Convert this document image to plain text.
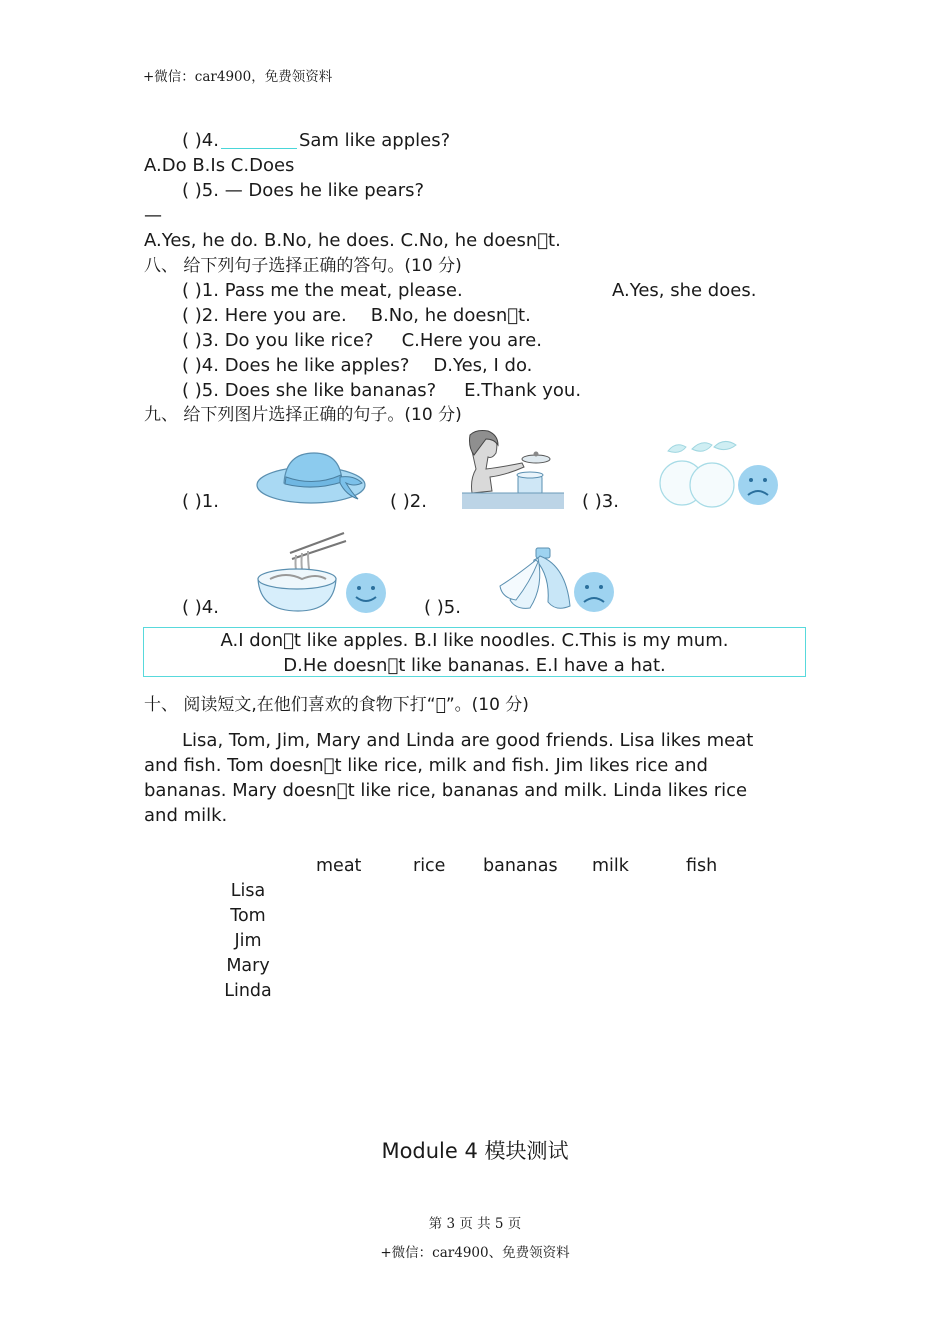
+微信：car4900，免费领资料
( )4.	Sam like apples?
A.Do B.Is C.Does
( )5. — Does he like pears?
—
A.Yes, he do. B.No, he does. C.No, he doesn t.
八、 给下列句子选择正确的答句。(10 分)
( )1. Pass me the meat, please.	A.Yes, she does.
( )2. Here you are. B.No, he doesn t.
( )3. Do you like rice? C.Here you are.
( )4. Does he like apples? D.Yes, I do.
( )5. Does she like bananas? E.Thank you.
九、 给下列图片选择正确的句子。(10 分)
( )1.	( )2.	( )3.
( )4.	( )5.
A.I don t like apples. B.I like noodles. C.This is my mum.
D.He doesn t like bananas. E.I have a hat.
十、 阅读短文,在他们喜欢的食物下打“ ”。(10 分)
Lisa, Tom, Jim, Mary and Linda are good friends. Lisa likes meat
and fish. Tom doesn t like rice, milk and fish. Jim likes rice and
bananas. Mary doesn t like rice, bananas and milk. Linda likes rice
and milk.
meat	rice bananas milk	fish
Lisa
Tom
Jim
Mary
Linda
Module 4 模块测试
第 3 页 共 5 页
+微信：car4900、免费领资料
